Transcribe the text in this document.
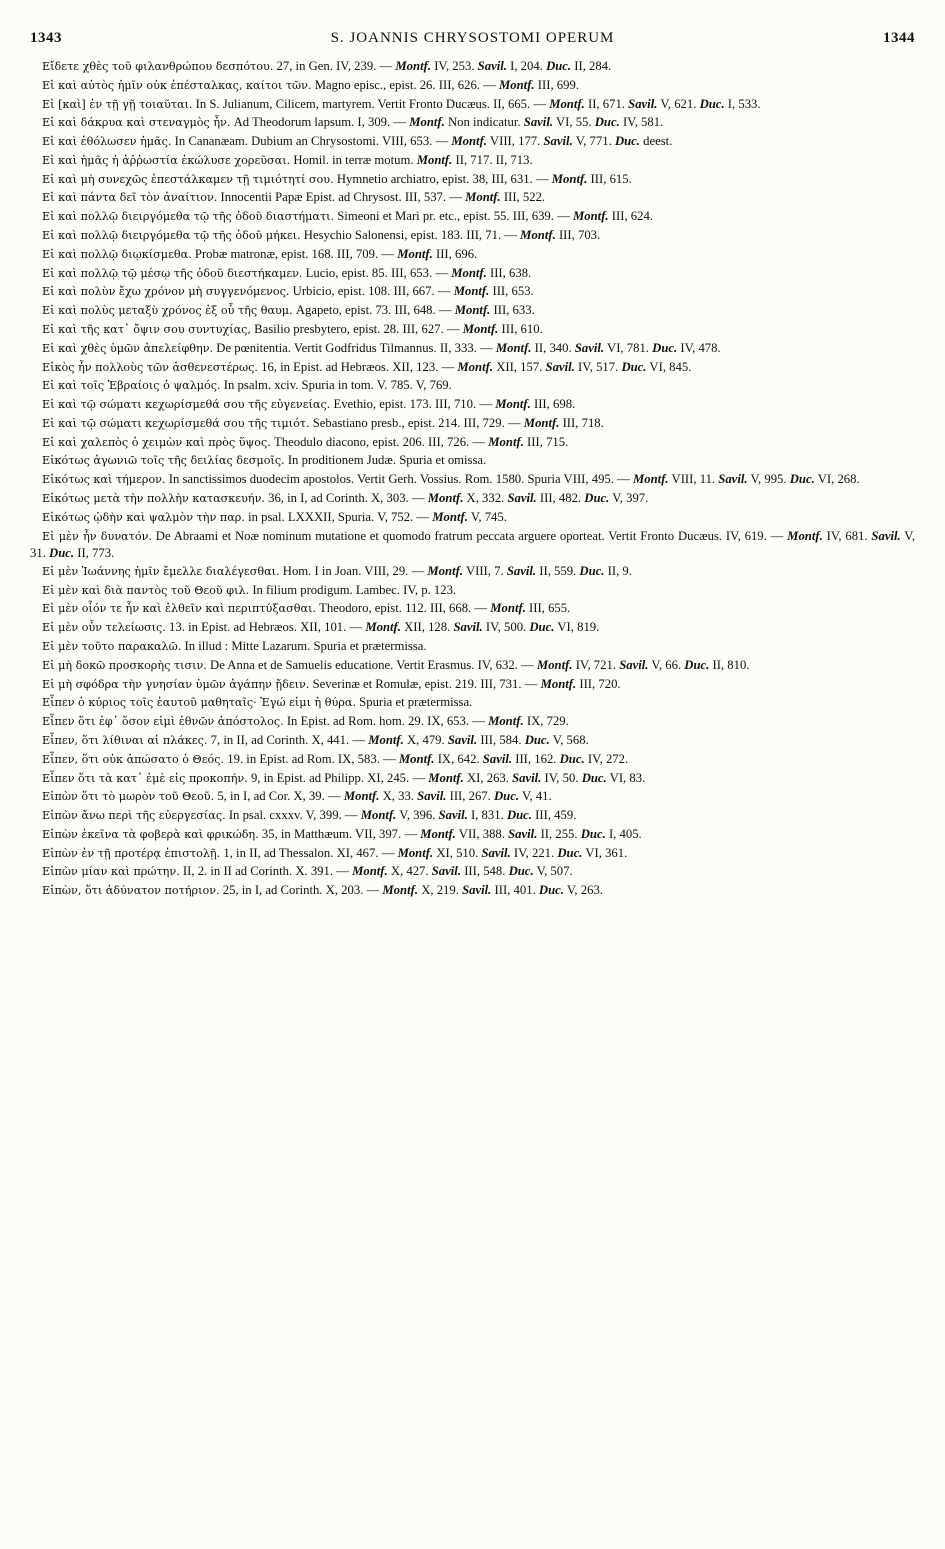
1343	S. JOANNIS CHRYSOSTOMI OPERUM	1344

Εἴδετε χθὲς τοῦ φιλανθρώπου δεσπότου. 27, in Gen. IV, 239. — Montf. IV, 253. Savil. I, 204. Duc. II, 284.

Εἰ καὶ αὐτὸς ἡμῖν οὐκ ἐπέσταλκας, καίτοι τῶν. Magno episc., epist. 26. III, 626. — Montf. III, 699.

Εἰ [καὶ] ἐν τῇ γῇ τοιαῦται. In S. Julianum, Cilicem, martyrem. Vertit Fronto Ducæus. II, 665. — Montf. II, 671. Savil. V, 621. Duc. I, 533.

Εἰ καὶ δάκρυα καὶ στεναγμὸς ἦν. Ad Theodorum lapsum. I, 309. — Montf. Non indicatur. Savil. VI, 55. Duc. IV, 581.

Εἰ καὶ ἐθόλωσεν ἡμᾶς. In Cananæam. Dubium an Chrysostomi. VIII, 653. — Montf. VIII, 177. Savil. V, 771. Duc. deest.

Εἰ καὶ ἡμᾶς ἡ ἀῤῥωστία ἐκώλυσε χορεῦσαι. Homil. in terræ motum. Montf. II, 717. II, 713.

Εἰ καὶ μὴ συνεχῶς ἐπεστάλκαμεν τῇ τιμιότητί σου. Hymnetio archiatro, epist. 38, III, 631. — Montf. III, 615.

Εἰ καὶ πάντα δεῖ τὸν ἀναίτιον. Innocentii Papæ Epist. ad Chrysost. III, 537. — Montf. III, 522.

Εἰ καὶ πολλῷ διειργόμεθα τῷ τῆς ὁδοῦ διαστήματι. Simeoni et Mari pr. etc., epist. 55. III, 639. — Montf. III, 624.

Εἰ καὶ πολλῷ διειργόμεθα τῷ τῆς ὁδοῦ μήκει. Hesychio Salonensi, epist. 183. III, 71. — Montf. III, 703.

Εἰ καὶ πολλῷ διῳκίσμεθα. Probæ matronæ, epist. 168. III, 709. — Montf. III, 696.

Εἰ καὶ πολλῷ τῷ μέσῳ τῆς ὁδοῦ διεστήκαμεν. Lucio, epist. 85. III, 653. — Montf. III, 638.

Εἰ καὶ πολὺν ἔχω χρόνον μὴ συγγενόμενος. Urbicio, epist. 108. III, 667. — Montf. III, 653.

Εἰ καὶ πολὺς μεταξὺ χρόνος ἐξ οὗ τῆς θαυμ. Agapeto, epist. 73. III, 648. — Montf. III, 633.

Εἰ καὶ τῆς κατ᾽ ὄψιν σου συντυχίας, Basilio presbytero, epist. 28. III, 627. — Montf. III, 610.

Εἰ καὶ χθὲς ὑμῶν ἀπελείφθην. De pœnitentia. Vertit Godfridus Tilmannus. II, 333. — Montf. II, 340. Savil. VI, 781. Duc. IV, 478.

Εἰκὸς ἦν πολλοὺς τῶν ἀσθενεστέρως. 16, in Epist. ad Hebræos. XII, 123. — Montf. XII, 157. Savil. IV, 517. Duc. VI, 845.

Εἰ καὶ τοῖς Ἑβραίοις ὁ ψαλμός. In psalm. xciv. Spuria in tom. V. 785. V, 769.

Εἰ καὶ τῷ σώματι κεχωρίσμεθά σου τῆς εὐγενείας. Evethio, epist. 173. III, 710. — Montf. III, 698.

Εἰ καὶ τῷ σώματι κεχωρίσμεθά σου τῆς τιμιότ. Sebastiano presb., epist. 214. III, 729. — Montf. III, 718.

Εἰ καὶ χαλεπὸς ὁ χειμὼν καὶ πρὸς ὕψος. Theodulo diacono, epist. 206. III, 726. — Montf. III, 715.

Εἰκότως ἀγωνιῶ τοῖς τῆς δειλίας δεσμοῖς. In proditionem Judæ. Spuria et omissa.

Εἰκότως καὶ τήμερον. In sanctissimos duodecim apostolos. Vertit Gerh. Vossius. Rom. 1580. Spuria VIII, 495. — Montf. VIII, 11. Savil. V, 995. Duc. VI, 268.

Εἰκότως μετὰ τὴν πολλὴν κατασκευήν. 36, in I, ad Corinth. X, 303. — Montf. X, 332. Savil. III, 482. Duc. V, 397.

Εἰκότως ᾠδὴν καὶ ψαλμὸν τὴν παρ. in psal. LXXXII, Spuria. V, 752. — Montf. V, 745.

Εἰ μὲν ἦν δυνατόν. De Abraami et Noæ nominum mutatione et quomodo fratrum peccata arguere oporteat. Vertit Fronto Ducæus. IV, 619. — Montf. IV, 681. Savil. V, 31. Duc. II, 773.

Εἰ μὲν Ἰωάννης ἡμῖν ἔμελλε διαλέγεσθαι. Hom. I in Joan. VIII, 29. — Montf. VIII, 7. Savil. II, 559. Duc. II, 9.

Εἰ μὲν καὶ διὰ παντὸς τοῦ Θεοῦ φιλ. In filium prodigum. Lambec. IV, p. 123.

Εἰ μὲν οἷόν τε ἦν καὶ ἐλθεῖν καὶ περιπτύξασθαι. Theodoro, epist. 112. III, 668. — Montf. III, 655.

Εἰ μὲν οὖν τελείωσις. 13. in Epist. ad Hebræos. XII, 101. — Montf. XII, 128. Savil. IV, 500. Duc. VI, 819.

Εἰ μὲν τοῦτο παρακαλῶ. In illud : Mitte Lazarum. Spuria et prætermissa.

Εἰ μὴ δοκῶ προσκορὴς τισιν. De Anna et de Samuelis educatione. Vertit Erasmus. IV, 632. — Montf. IV, 721. Savil. V, 66. Duc. II, 810.

Εἰ μὴ σφόδρα τὴν γνησίαν ὑμῶν ἀγάπην ᾔδειν. Severinæ et Romulæ, epist. 219. III, 731. — Montf. III, 720.

Εἶπεν ὁ κύριος τοῖς ἑαυτοῦ μαθηταῖς· Ἐγώ εἰμι ἡ θύρα. Spuria et prætermissa.

Εἶπεν ὅτι ἐφ᾽ ὅσον εἰμὶ ἐθνῶν ἀπόστολος. In Epist. ad Rom. hom. 29. IX, 653. — Montf. IX, 729.

Εἶπεν, ὅτι λίθιναι αἱ πλάκες. 7, in II, ad Corinth. X, 441. — Montf. X, 479. Savil. III, 584. Duc. V, 568.

Εἶπεν, ὅτι οὐκ ἀπώσατο ὁ Θεός. 19. in Epist. ad Rom. IX, 583. — Montf. IX, 642. Savil. III, 162. Duc. IV, 272.

Εἶπεν ὅτι τὰ κατ᾽ ἐμὲ εἰς προκοπήν. 9, in Epist. ad Philipp. XI, 245. — Montf. XI, 263. Savil. IV, 50. Duc. VI, 83.

Εἰπὼν ὅτι τὸ μωρὸν τοῦ Θεοῦ. 5, in I, ad Cor. X, 39. — Montf. X, 33. Savil. III, 267. Duc. V, 41.

Εἰπὼν ἄνω περὶ τῆς εὐεργεσίας. In psal. cxxxv. V, 399. — Montf. V, 396. Savil. I, 831. Duc. III, 459.

Εἰπὼν ἐκεῖνα τὰ φοβερὰ καὶ φρικώδη. 35, in Matthæum. VII, 397. — Montf. VII, 388. Savil. II, 255. Duc. I, 405.

Εἰπὼν ἐν τῇ προτέρᾳ ἐπιστολῇ. 1, in II, ad Thessalon. XI, 467. — Montf. XI, 510. Savil. IV, 221. Duc. VI, 361.

Εἰπὼν μίαν καὶ πρώτην. II, 2. in II ad Corinth. X. 391. — Montf. X, 427. Savil. III, 548. Duc. V, 507.

Εἰπὼν, ὅτι ἀδύνατον ποτήριον. 25, in I, ad Corinth. X, 203. — Montf. X, 219. Savil. III, 401. Duc. V, 263.
